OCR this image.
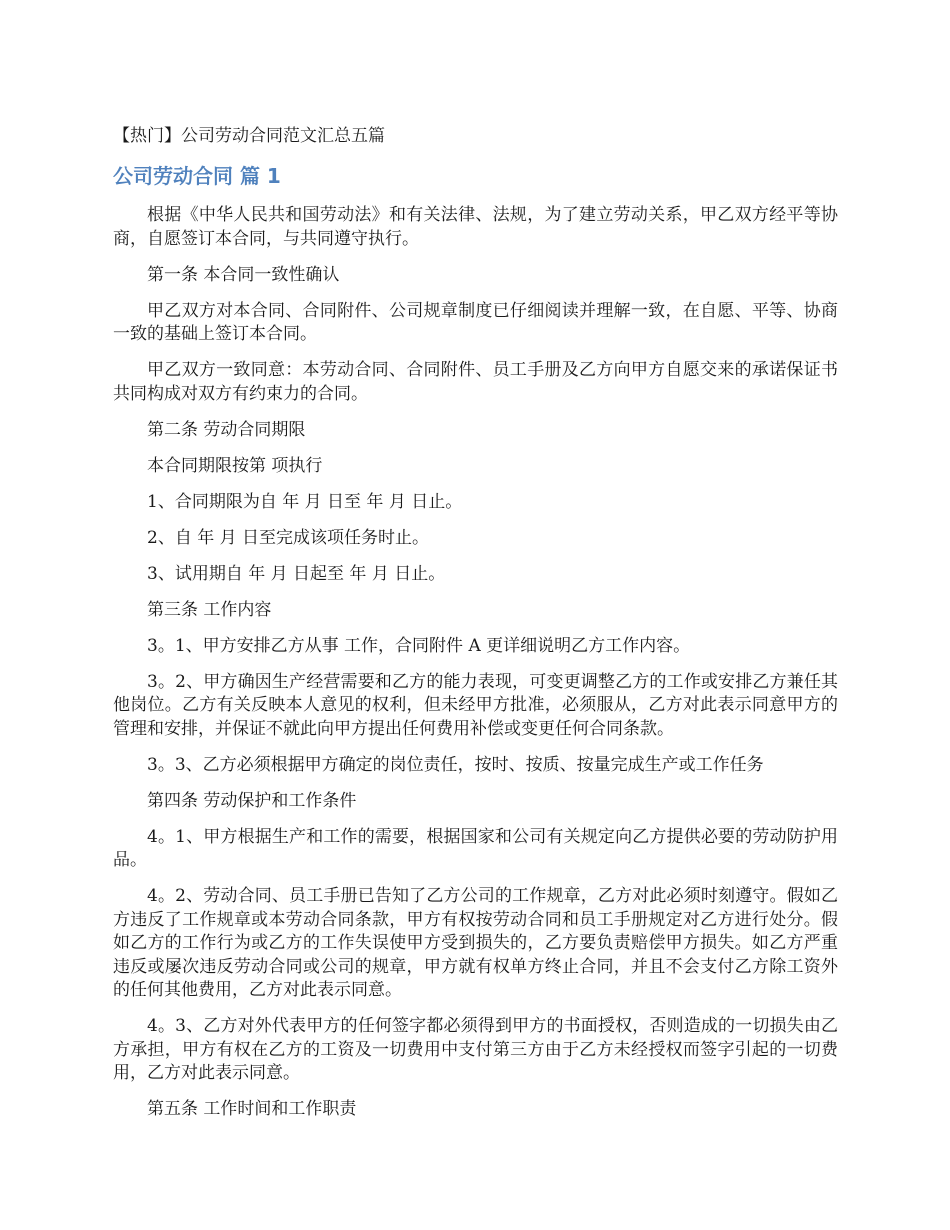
【热门】公司劳动合同范文汇总五篇
公司劳动合同 篇 1

根据《中华人民共和国劳动法》和有关法律、法规，为了建立劳动关系，甲乙双方经平等协商，自愿签订本合同，与共同遵守执行。

第一条 本合同一致性确认

甲乙双方对本合同、合同附件、公司规章制度已仔细阅读并理解一致，在自愿、平等、协商一致的基础上签订本合同。

甲乙双方一致同意：本劳动合同、合同附件、员工手册及乙方向甲方自愿交来的承诺保证书共同构成对双方有约束力的合同。

第二条 劳动合同期限

本合同期限按第 项执行

1、合同期限为自 年 月 日至 年 月 日止。

2、自 年 月 日至完成该项任务时止。

3、试用期自 年 月 日起至 年 月 日止。

第三条 工作内容

3。1、甲方安排乙方从事 工作，合同附件 A 更详细说明乙方工作内容。

3。2、甲方确因生产经营需要和乙方的能力表现，可变更调整乙方的工作或安排乙方兼任其他岗位。乙方有关反映本人意见的权利，但未经甲方批准，必须服从，乙方对此表示同意甲方的管理和安排，并保证不就此向甲方提出任何费用补偿或变更任何合同条款。

3。3、乙方必须根据甲方确定的岗位责任，按时、按质、按量完成生产或工作任务

第四条 劳动保护和工作条件

4。1、甲方根据生产和工作的需要，根据国家和公司有关规定向乙方提供必要的劳动防护用品。

4。2、劳动合同、员工手册已告知了乙方公司的工作规章，乙方对此必须时刻遵守。假如乙方违反了工作规章或本劳动合同条款，甲方有权按劳动合同和员工手册规定对乙方进行处分。假如乙方的工作行为或乙方的工作失误使甲方受到损失的，乙方要负责赔偿甲方损失。如乙方严重违反或屡次违反劳动合同或公司的规章，甲方就有权单方终止合同，并且不会支付乙方除工资外的任何其他费用，乙方对此表示同意。

4。3、乙方对外代表甲方的任何签字都必须得到甲方的书面授权，否则造成的一切损失由乙方承担，甲方有权在乙方的工资及一切费用中支付第三方由于乙方未经授权而签字引起的一切费用，乙方对此表示同意。

第五条 工作时间和工作职责
